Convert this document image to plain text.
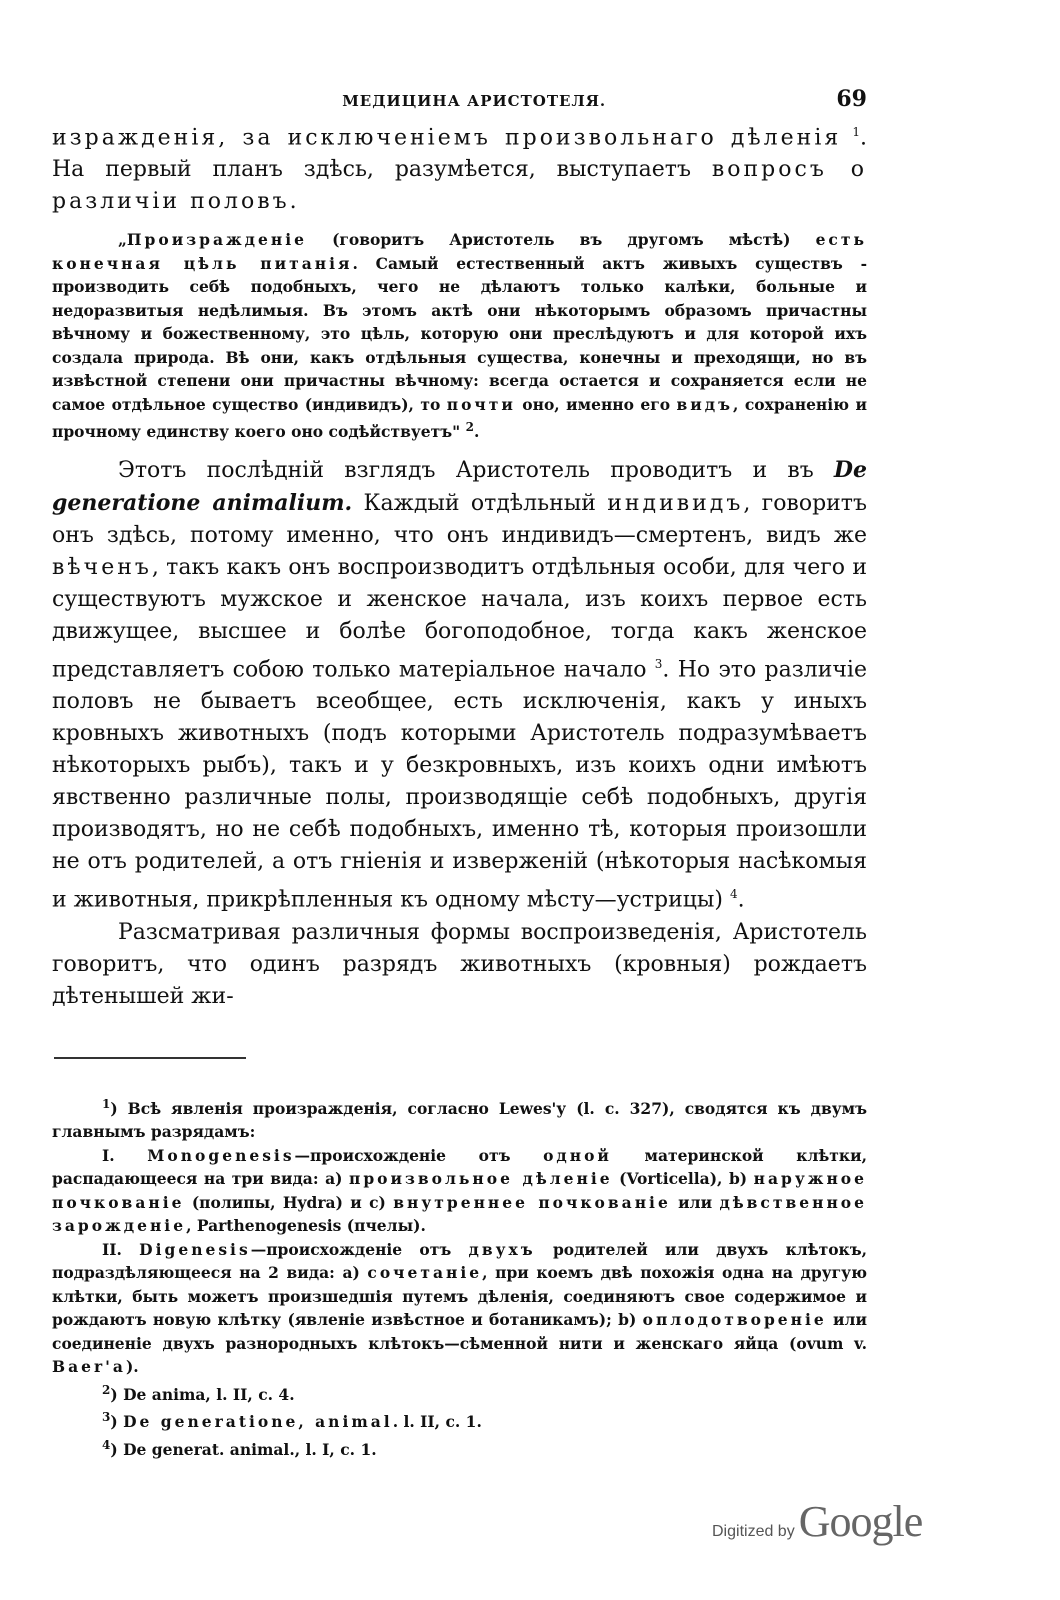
МЕДИЦИНА АРИСТОТЕЛЯ.	69

изражденія, за исключеніемъ произвольнаго дѣленія $^1$. На первый планъ здѣсь, разумѣется, выступаетъ вопросъ о различіи половъ.

„Произражденіе (говоритъ Аристотель въ другомъ мѣстѣ) есть конечная цѣль питанія. Самый естественный актъ живыхъ существъ - производить себѣ подобныхъ, чего не дѣлаютъ только калѣки, больные и недоразвитыя недѣлимыя. Въ этомъ актѣ они нѣкоторымъ образомъ причастны вѣчному и божественному, это цѣль, которую они преслѣдуютъ и для которой ихъ создала природа. Вѣ они, какъ отдѣльныя существа, конечны и преходящи, но въ извѣстной степени они причастны вѣчному: всегда остается и сохраняется если не самое отдѣльное существо (индивидъ), то почти оно, именно его видъ, сохраненію и прочному единству коего оно содѣйствуетъ" $^2$.

Этотъ послѣдній взглядъ Аристотель проводитъ и въ De generatione animalium. Каждый отдѣльный индивидъ, говоритъ онъ здѣсь, потому именно, что онъ индивидъ—смертенъ, видъ же вѣченъ, такъ какъ онъ воспроизводитъ отдѣльныя особи, для чего и существуютъ мужское и женское начала, изъ коихъ первое есть движущее, высшее и болѣе богоподобное, тогда какъ женское представляетъ собою только матеріальное начало $^3$. Но это различіе половъ не бываетъ всеобщее, есть исключенія, какъ у иныхъ кровныхъ животныхъ (подъ которыми Аристотель подразумѣваетъ нѣкоторыхъ рыбъ), такъ и у безкровныхъ, изъ коихъ одни имѣютъ явственно различные полы, производящіе себѣ подобныхъ, другія производятъ, но не себѣ подобныхъ, именно тѣ, которыя произошли не отъ родителей, а отъ гніенія и изверженій (нѣкоторыя насѣкомыя и животныя, прикрѣпленныя къ одному мѣсту—устрицы) $^4$.

Разсматривая различныя формы воспроизведенія, Аристотель говоритъ, что одинъ разрядъ животныхъ (кровныя) рождаетъ дѣтенышей жи-

$^1$) Всѣ явленія произражденія, согласно Lewes'у (l. c. 327), сводятся къ двумъ главнымъ разрядамъ:

I. Monogenesis—происхожденіе отъ одной материнской клѣтки, распадающееся на три вида: a) произвольное дѣленіе (Vorticella), b) наружное почкованіе (полипы, Hydra) и c) внутреннее почкованіе или дѣвственное зарожденіе, Parthenogenesis (пчелы).

II. Digenesis—происхожденіе отъ двухъ родителей или двухъ клѣтокъ, подраздѣляющееся на 2 вида: a) сочетаніе, при коемъ двѣ похожія одна на другую клѣтки, быть можетъ произшедшія путемъ дѣленія, соединяютъ свое содержимое и рождаютъ новую клѣтку (явленіе извѣстное и ботаникамъ); b) оплодотвореніе или соединеніе двухъ разнородныхъ клѣтокъ—сѣменной нити и женскаго яйца (ovum v. Baer'a).

$^2$) De anima, l. II, c. 4.

$^3$) De generatione, animal. l. II, c. 1.

$^4$) De generat. animal., l. I, c. 1.

Digitized by Google
